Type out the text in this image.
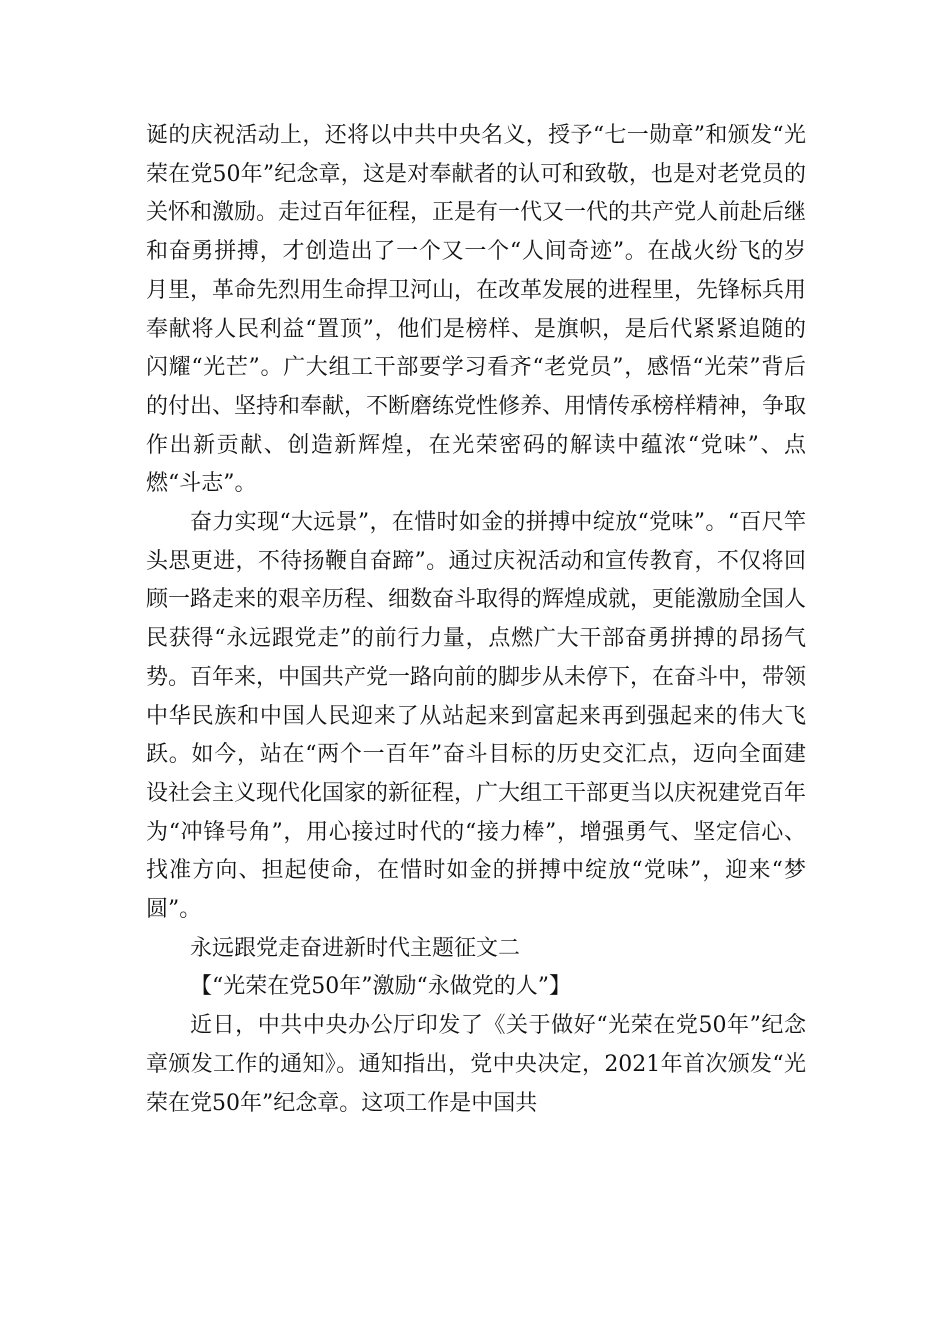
诞的庆祝活动上，还将以中共中央名义，授予“七一勋章”和颁发“光荣在党50年”纪念章，这是对奉献者的认可和致敬，也是对老党员的关怀和激励。走过百年征程，正是有一代又一代的共产党人前赴后继和奋勇拼搏，才创造出了一个又一个“人间奇迹”。在战火纷飞的岁月里，革命先烈用生命捍卫河山，在改革发展的进程里，先锋标兵用奉献将人民利益“置顶”，他们是榜样、是旗帜，是后代紧紧追随的闪耀“光芒”。广大组工干部要学习看齐“老党员”，感悟“光荣”背后的付出、坚持和奉献，不断磨练党性修养、用情传承榜样精神，争取作出新贡献、创造新辉煌，在光荣密码的解读中蕴浓“党味”、点燃“斗志”。

奋力实现“大远景”，在惜时如金的拼搏中绽放“党味”。“百尺竿头思更进，不待扬鞭自奋蹄”。通过庆祝活动和宣传教育，不仅将回顾一路走来的艰辛历程、细数奋斗取得的辉煌成就，更能激励全国人民获得“永远跟党走”的前行力量，点燃广大干部奋勇拼搏的昂扬气势。百年来，中国共产党一路向前的脚步从未停下，在奋斗中，带领中华民族和中国人民迎来了从站起来到富起来再到强起来的伟大飞跃。如今，站在“两个一百年”奋斗目标的历史交汇点，迈向全面建设社会主义现代化国家的新征程，广大组工干部更当以庆祝建党百年为“冲锋号角”，用心接过时代的“接力棒”，增强勇气、坚定信心、找准方向、担起使命，在惜时如金的拼搏中绽放“党味”，迎来“梦圆”。

永远跟党走奋进新时代主题征文二

【“光荣在党50年”激励“永做党的人”】

近日，中共中央办公厅印发了《关于做好“光荣在党50年”纪念章颁发工作的通知》。通知指出，党中央决定，2021年首次颁发“光荣在党50年”纪念章。这项工作是中国共
